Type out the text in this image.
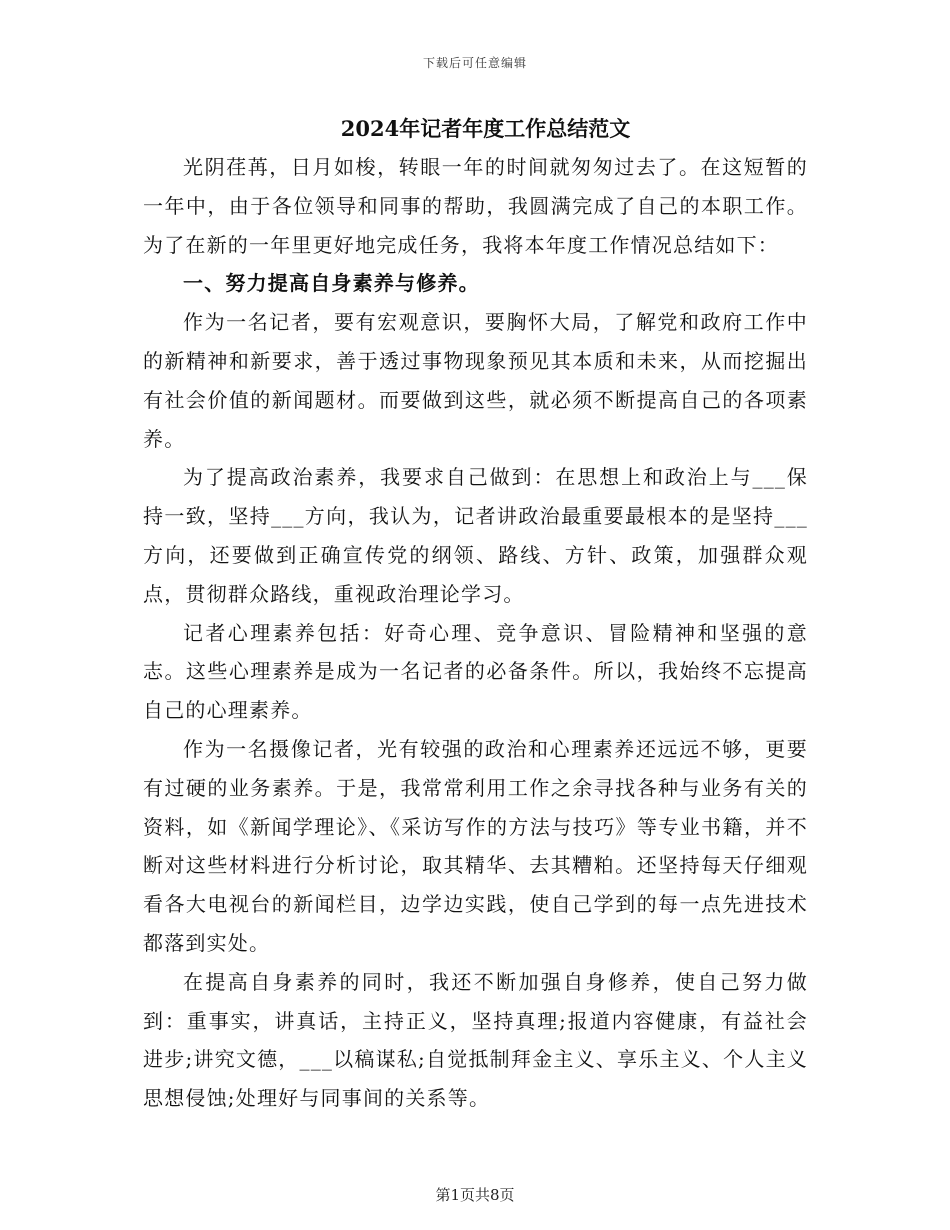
下载后可任意编辑
2024年记者年度工作总结范文

光阴荏苒，日月如梭，转眼一年的时间就匆匆过去了。在这短暂的一年中，由于各位领导和同事的帮助，我圆满完成了自己的本职工作。为了在新的一年里更好地完成任务，我将本年度工作情况总结如下：

一、努力提高自身素养与修养。

作为一名记者，要有宏观意识，要胸怀大局，了解党和政府工作中的新精神和新要求，善于透过事物现象预见其本质和未来，从而挖掘出有社会价值的新闻题材。而要做到这些，就必须不断提高自己的各项素养。

为了提高政治素养，我要求自己做到：在思想上和政治上与___保持一致，坚持___方向，我认为，记者讲政治最重要最根本的是坚持___方向，还要做到正确宣传党的纲领、路线、方针、政策，加强群众观点，贯彻群众路线，重视政治理论学习。

记者心理素养包括：好奇心理、竞争意识、冒险精神和坚强的意志。这些心理素养是成为一名记者的必备条件。所以，我始终不忘提高自己的心理素养。

作为一名摄像记者，光有较强的政治和心理素养还远远不够，更要有过硬的业务素养。于是，我常常利用工作之余寻找各种与业务有关的资料，如《新闻学理论》、《采访写作的方法与技巧》等专业书籍，并不断对这些材料进行分析讨论，取其精华、去其糟粕。还坚持每天仔细观看各大电视台的新闻栏目，边学边实践，使自己学到的每一点先进技术都落到实处。

在提高自身素养的同时，我还不断加强自身修养，使自己努力做到：重事实，讲真话，主持正义，坚持真理;报道内容健康，有益社会进步;讲究文德，___以稿谋私;自觉抵制拜金主义、享乐主义、个人主义思想侵蚀;处理好与同事间的关系等。

第1页共8页
